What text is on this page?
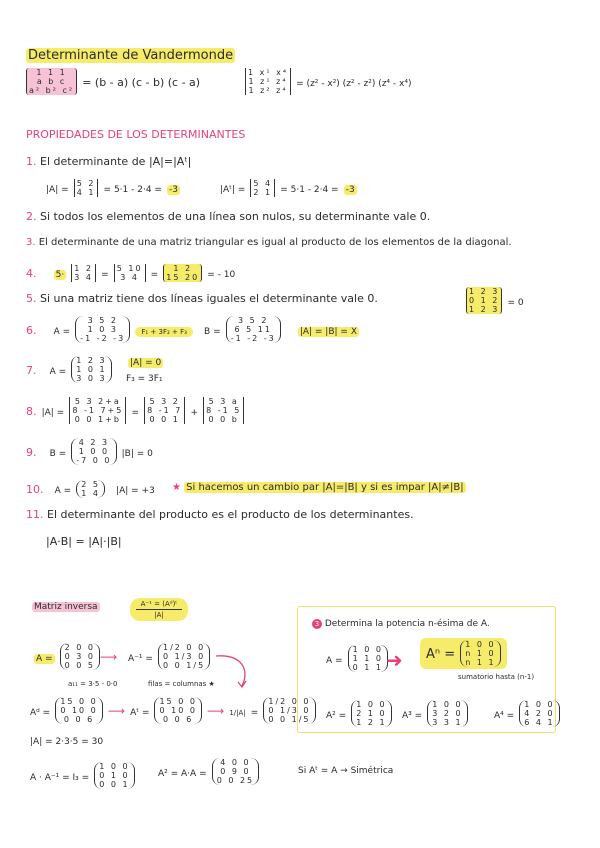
Determinante de Vandermonde
1 1 1
a b c
a² b² c²
= (b - a) (c - b) (c - a)
1 x¹ x⁴
1 z¹ z⁴
1 z² z⁴
= (z² - x²) (z² - z²) (z⁴ - x⁴)
PROPIEDADES DE LOS DETERMINANTES
1. El determinante de |A|=|Aᵗ|
|A| =
5 2
4 1 = 5·1 - 2·4 = -3	|Aᵗ| =
5 4
2 1 = 5·1 - 2·4 = -3
2. Si todos los elementos de una línea son nulos, su determinante vale 0.
3. El determinante de una matriz triangular es igual al producto de los elementos de la diagonal.
4. 5·
1 2
3 4 =
5 10
3 4	=
1 2
15 20 = - 10
5. Si una matriz tiene dos líneas iguales el determinante vale 0.
1 2 3
0 1 2
1 2 3
= 0
6. A =
3 5 2
1 0 3
-1 -2 -3
F₁ + 3F₂ + F₃ B =
3 5 2
6 5 11
-1 -2 -3
|A| = |B| = X
7. A =
1 2 3
1 0 1
3 0 3
|A| = 0
F₃ = 3F₁
8. |A| =
5 3 2+a
8 -1 7+5
0 0 1+b
=
5 3 2
8 -1 7
0 0 1
+
5 3 a
8 -1 5
0 0 b
9. B =
4 2 3
1 0 0
-7 0 0
|B| = 0
10. A =
2 5
1 4 |A| = +3 ★ Si hacemos un cambio par |A|=|B| y si es impar |A|≠|B|
11. El determinante del producto es el producto de los determinantes.
|A·B| = |A|·|B|
Matriz inversa	A⁻¹ = (Aᵈ)ᵗ
|A|
A =
2 0 0
0 3 0
0 0 5
⟶ A⁻¹ =
1/2 0 0
0 1/3 0
0 0 1/5
a₁₁ = 3·5 - 0·0	filas = columnas ★
Aᵈ =
15 0 0
0 10 0
0 0 6
⟶ Aᵗ =
15 0 0
0 10 0
0 0 6
⟶ 1/|A| =
1/2 0 0
0 1/3 0
0 0 1/5
|A| = 2·3·5 = 30
A · A⁻¹ = I₃ =
1 0 0
0 1 0
0 0 1
A² = A·A =
4 0 0
0 9 0
0 0 25
Si Aᵗ = A → Simétrica
3 Determina la potencia n-ésima de A.
A =
1 0 0
1 1 0
0 1 1 ➜	Aⁿ =
1 0 0
n 1 0
n 1 1
sumatorio hasta (n-1)
A² =
1 0 0
2 1 0
1 2 1
A³ =
1 0 0
3 2 0
3 3 1
A⁴ =
1 0 0
4 2 0
6 4 1
